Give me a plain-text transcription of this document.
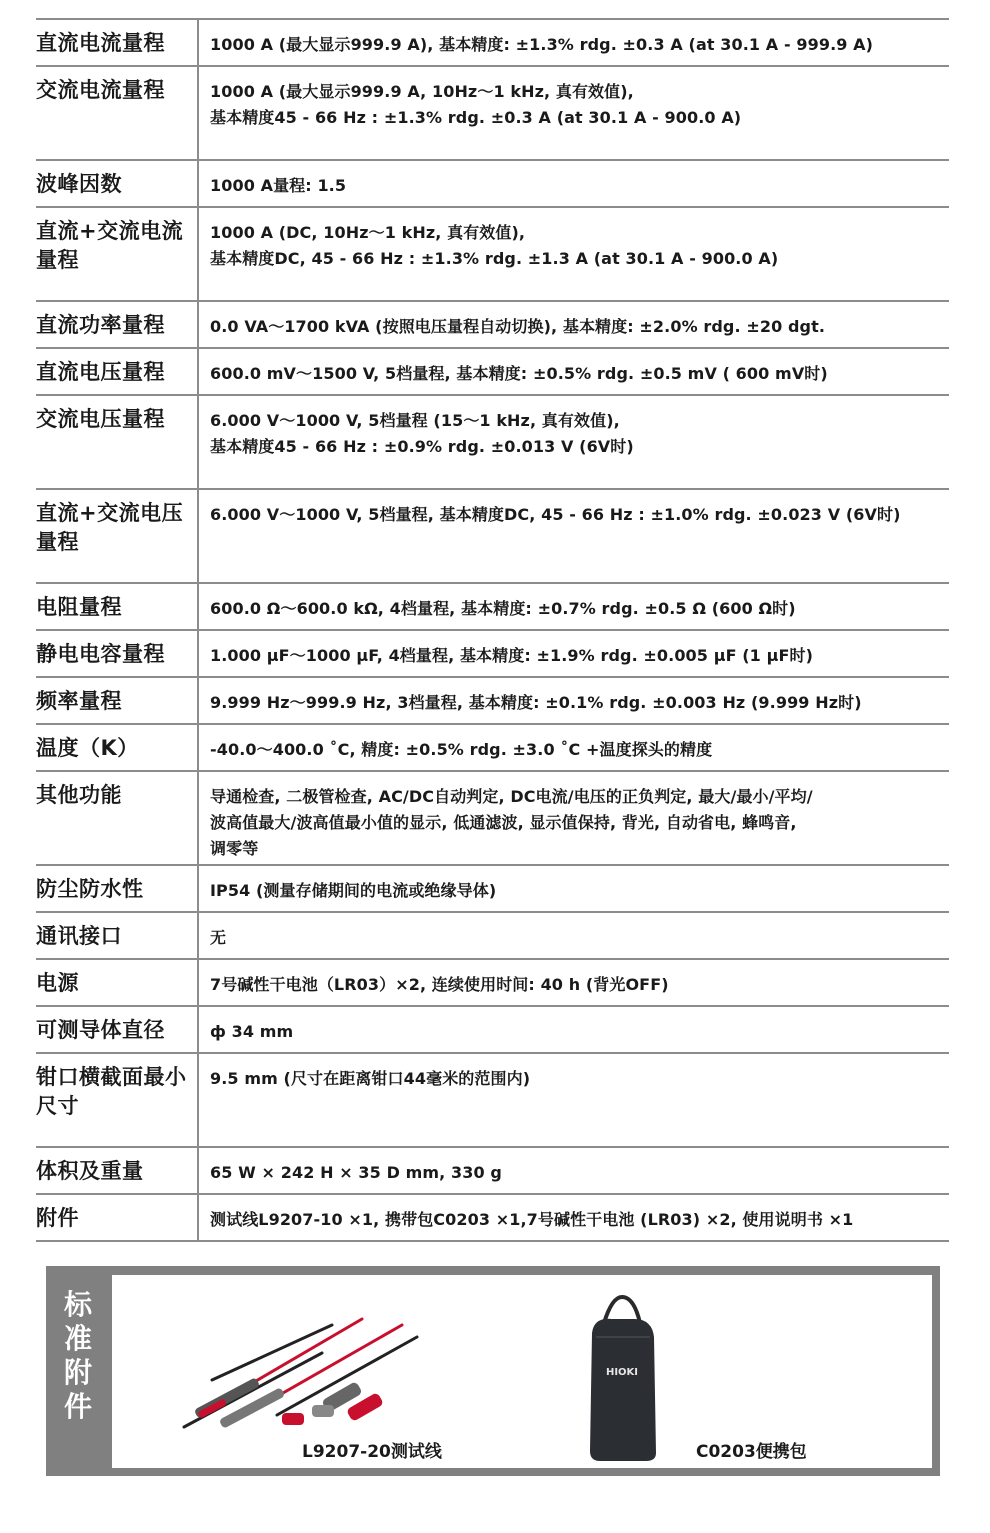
直流电流量程	1000 A (最大显示999.9 A), 基本精度: ±1.3% rdg. ±0.3 A (at 30.1 A - 999.9 A)

交流电流量程	1000 A (最大显示999.9 A, 10Hz～1 kHz, 真有效值),
基本精度45 - 66 Hz : ±1.3% rdg. ±0.3 A (at 30.1 A - 900.0 A)

波峰因数	1000 A量程: 1.5

直流+交流电流量程	1000 A (DC, 10Hz～1 kHz, 真有效值),
基本精度DC, 45 - 66 Hz : ±1.3% rdg. ±1.3 A (at 30.1 A - 900.0 A)

直流功率量程	0.0 VA～1700 kVA (按照电压量程自动切换), 基本精度: ±2.0% rdg. ±20 dgt.

直流电压量程	600.0 mV～1500 V, 5档量程, 基本精度: ±0.5% rdg. ±0.5 mV ( 600 mV时)

交流电压量程	6.000 V～1000 V, 5档量程 (15～1 kHz, 真有效值),
基本精度45 - 66 Hz : ±0.9% rdg. ±0.013 V (6V时)

直流+交流电压量程	6.000 V～1000 V, 5档量程, 基本精度DC, 45 - 66 Hz : ±1.0% rdg. ±0.023 V (6V时)

电阻量程	600.0 Ω～600.0 kΩ, 4档量程, 基本精度: ±0.7% rdg. ±0.5 Ω (600 Ω时)

静电电容量程	1.000 μF～1000 μF, 4档量程, 基本精度: ±1.9% rdg. ±0.005 μF (1 μF时)

频率量程	9.999 Hz～999.9 Hz, 3档量程, 基本精度: ±0.1% rdg. ±0.003 Hz (9.999 Hz时)

温度（K）	-40.0～400.0 ˚C, 精度: ±0.5% rdg. ±3.0 ˚C +温度探头的精度

其他功能	导通检查, 二极管检查, AC/DC自动判定, DC电流/电压的正负判定, 最大/最小/平均/
波高值最大/波高值最小值的显示, 低通滤波, 显示值保持, 背光, 自动省电, 蜂鸣音,
调零等

防尘防水性	IP54 (测量存储期间的电流或绝缘导体)

通讯接口	无

电源	7号碱性干电池（LR03）×2, 连续使用时间: 40 h (背光OFF)

可测导体直径	ф 34 mm

钳口横截面最小尺寸	9.5 mm (尺寸在距离钳口44毫米的范围内)

体积及重量	65 W × 242 H × 35 D mm, 330 g

附件	测试线L9207-10 ×1, 携带包C0203 ×1,7号碱性干电池 (LR03) ×2, 使用说明书 ×1
标
准
附
件
L9207-20测试线
HIOKI
C0203便携包
